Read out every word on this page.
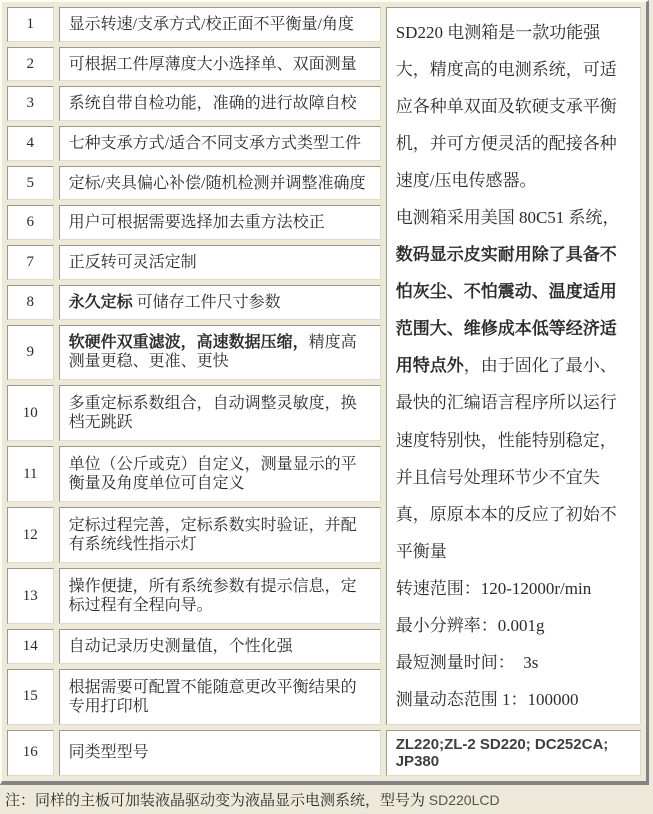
1	显示转速/支承方式/校正面不平衡量/角度	SD220 电测箱是一款功能强大，精度高的电测系统，可适应各种单双面及软硬支承平衡机，并可方便灵活的配接各种速度/压电传感器。

电测箱采用美国 80C51 系统，数码显示皮实耐用除了具备不怕灰尘、不怕震动、温度适用范围大、维修成本低等经济适用特点外，由于固化了最小、最快的汇编语言程序所以运行速度特别快，性能特别稳定，并且信号处理环节少不宜失真，原原本本的反应了初始不平衡量

转速范围：120-12000r/min

最小分辨率：0.001g

最短测量时间：　3s

测量动态范围 1：100000

2	可根据工件厚薄度大小选择单、双面测量	
3	系统自带自检功能，准确的进行故障自校	
4	七种支承方式/适合不同支承方式类型工件	
5	定标/夹具偏心补偿/随机检测并调整准确度	
6	用户可根据需要选择加去重方法校正	
7	正反转可灵活定制	
8	永久定标 可储存工件尺寸参数	
9	软硬件双重滤波，高速数据压缩，精度高测量更稳、更准、更快	
10	多重定标系数组合，自动调整灵敏度，换档无跳跃	
11	单位（公斤或克）自定义，测量显示的平衡量及角度单位可自定义	
12	定标过程完善，定标系数实时验证，并配有系统线性指示灯	
13	操作便捷，所有系统参数有提示信息，定标过程有全程向导。	
14	自动记录历史测量值，个性化强	
15	根据需要可配置不能随意更改平衡结果的专用打印机	
16	同类型型号	ZL220;ZL-2 SD220; DC252CA; JP380
注：同样的主板可加装液晶驱动变为液晶显示电测系统，型号为 SD220LCD
